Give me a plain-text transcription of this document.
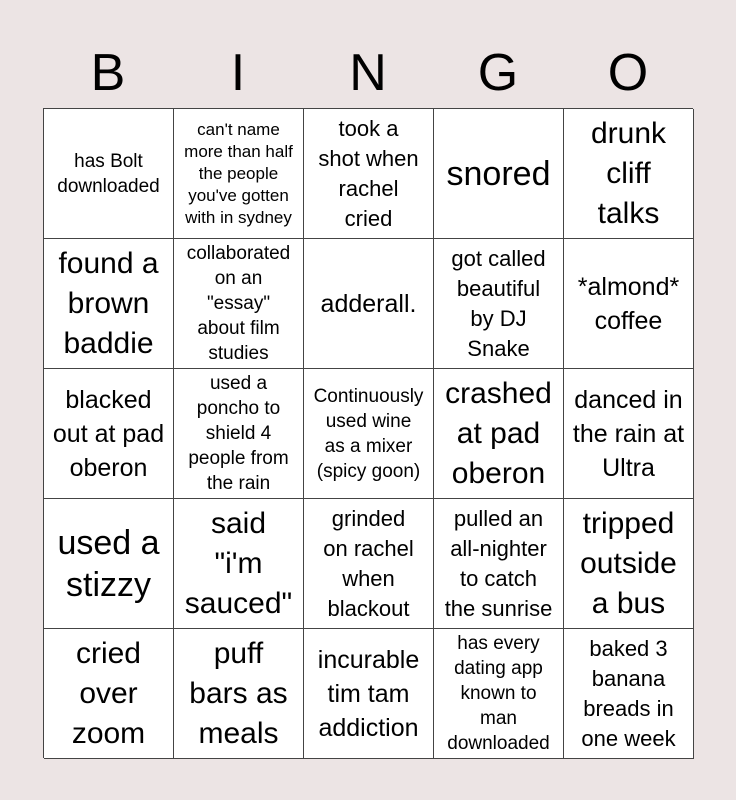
B	I	N	G	O
has Bolt
downloaded
can't name
more than half
the people
you've gotten
with in sydney
took a
shot when
rachel
cried
snored
drunk
cliff
talks
found a
brown
baddie
collaborated
on an
"essay"
about film
studies
adderall.
got called
beautiful
by DJ
Snake
*almond*
coffee
blacked
out at pad
oberon
used a
poncho to
shield 4
people from
the rain
Continuously
used wine
as a mixer
(spicy goon)
crashed
at pad
oberon
danced in
the rain at
Ultra
used a
stizzy
said
"i'm
sauced"
grinded
on rachel
when
blackout
pulled an
all-nighter
to catch
the sunrise
tripped
outside
a bus
cried
over
zoom
puff
bars as
meals
incurable
tim tam
addiction
has every
dating app
known to
man
downloaded
baked 3
banana
breads in
one week
